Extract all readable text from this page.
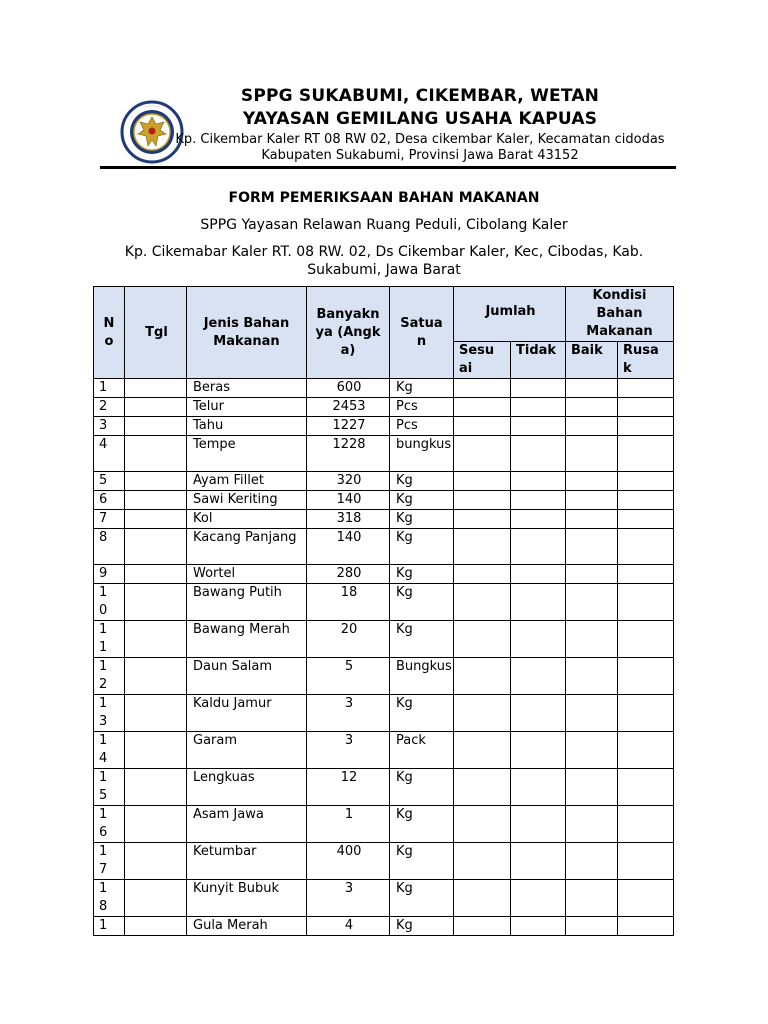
· · · · · ·
SPPG SUKABUMI, CIKEMBAR, WETAN
YAYASAN GEMILANG USAHA KAPUAS
Kp. Cikembar Kaler RT 08 RW 02, Desa cikembar Kaler, Kecamatan cidodas
Kabupaten Sukabumi, Provinsi Jawa Barat 43152
FORM PEMERIKSAAN BAHAN MAKANAN
SPPG Yayasan Relawan Ruang Peduli, Cibolang Kaler
Kp. Cikemabar Kaler RT. 08 RW. 02, Ds Cikembar Kaler, Kec, Cibodas, Kab. Sukabumi, Jawa Barat
No	Tgl	Jenis Bahan Makanan	Banyaknya (Angka)	Satuan	Jumlah		Kondisi Bahan Makanan	
					Sesuai	Tidak	Baik	Rusak

1		Beras	600	Kg				

2		Telur	2453	Pcs				

3		Tahu	1227	Pcs				

4		Tempe	1228	bungkus				

5		Ayam Fillet	320	Kg				

6		Sawi Keriting	140	Kg				

7		Kol	318	Kg				

8		Kacang Panjang	140	Kg				

9		Wortel	280	Kg				

10		Bawang Putih	18	Kg				

11		Bawang Merah	20	Kg				

12		Daun Salam	5	Bungkus				

13		Kaldu Jamur	3	Kg				

14		Garam	3	Pack				

15		Lengkuas	12	Kg				

16		Asam Jawa	1	Kg				

17		Ketumbar	400	Kg				

18		Kunyit Bubuk	3	Kg				

1		Gula Merah	4	Kg				
